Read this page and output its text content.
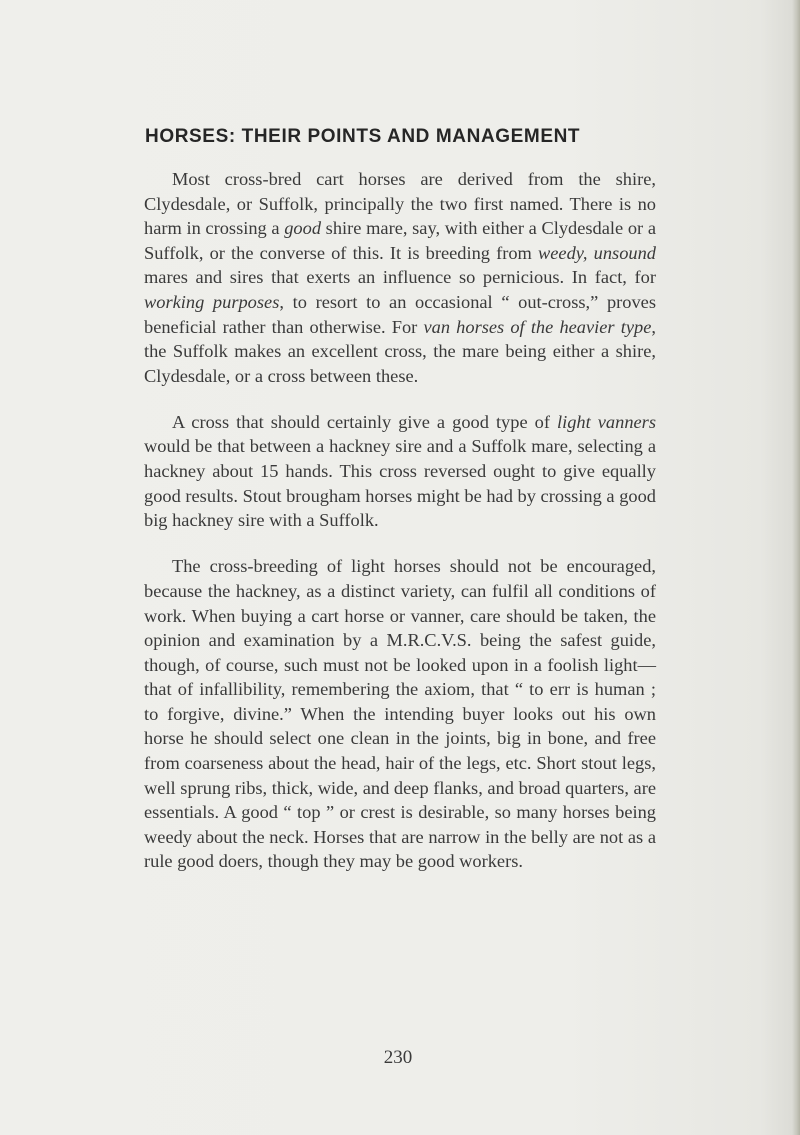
HORSES: THEIR POINTS AND MANAGEMENT

Most cross-bred cart horses are derived from the shire, Clydesdale, or Suffolk, principally the two first named. There is no harm in crossing a good shire mare, say, with either a Clydesdale or a Suffolk, or the converse of this. It is breeding from weedy, unsound mares and sires that exerts an influence so pernicious. In fact, for working purposes, to resort to an occasional “ out-cross,” proves beneficial rather than otherwise. For van horses of the heavier type, the Suffolk makes an excellent cross, the mare being either a shire, Clydesdale, or a cross between these.

A cross that should certainly give a good type of light vanners would be that between a hackney sire and a Suffolk mare, selecting a hackney about 15 hands. This cross reversed ought to give equally good results. Stout brougham horses might be had by crossing a good big hackney sire with a Suffolk.

The cross-breeding of light horses should not be encouraged, because the hackney, as a distinct variety, can fulfil all conditions of work. When buying a cart horse or vanner, care should be taken, the opinion and examination by a M.R.C.V.S. being the safest guide, though, of course, such must not be looked upon in a foolish light—that of infallibility, remembering the axiom, that “ to err is human ; to forgive, divine.” When the intending buyer looks out his own horse he should select one clean in the joints, big in bone, and free from coarseness about the head, hair of the legs, etc. Short stout legs, well sprung ribs, thick, wide, and deep flanks, and broad quarters, are essentials. A good “ top ” or crest is desirable, so many horses being weedy about the neck. Horses that are narrow in the belly are not as a rule good doers, though they may be good workers.

230
